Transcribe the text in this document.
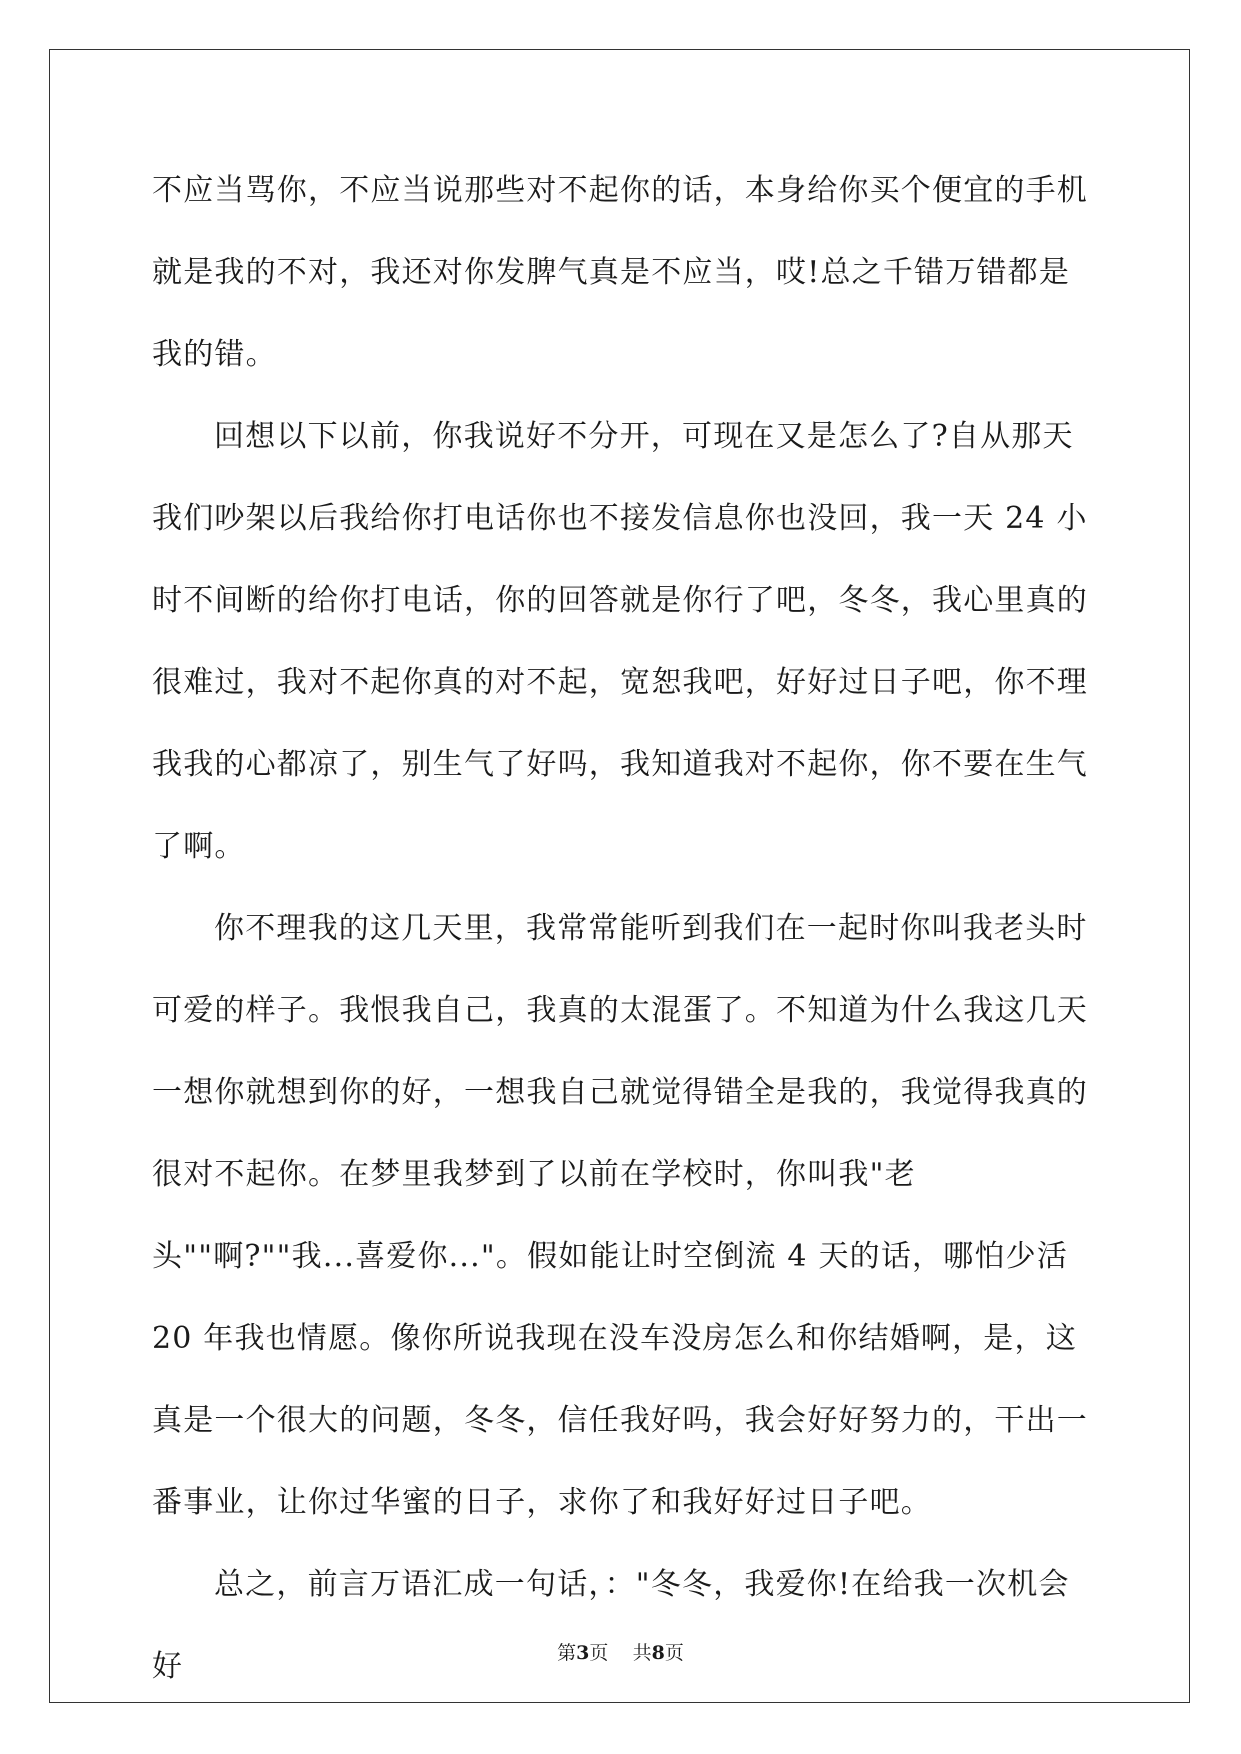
不应当骂你，不应当说那些对不起你的话，本身给你买个便宜的手机就是我的不对，我还对你发脾气真是不应当，哎!总之千错万错都是我的错。

回想以下以前，你我说好不分开，可现在又是怎么了?自从那天我们吵架以后我给你打电话你也不接发信息你也没回，我一天 24 小时不间断的给你打电话，你的回答就是你行了吧，冬冬，我心里真的很难过，我对不起你真的对不起，宽恕我吧，好好过日子吧，你不理我我的心都凉了，别生气了好吗，我知道我对不起你，你不要在生气了啊。

你不理我的这几天里，我常常能听到我们在一起时你叫我老头时可爱的样子。我恨我自己，我真的太混蛋了。不知道为什么我这几天一想你就想到你的好，一想我自己就觉得错全是我的，我觉得我真的很对不起你。在梦里我梦到了以前在学校时，你叫我"老头""啊?""我...喜爱你..."。假如能让时空倒流 4 天的话，哪怕少活 20 年我也情愿。像你所说我现在没车没房怎么和你结婚啊，是，这真是一个很大的问题，冬冬，信任我好吗，我会好好努力的，干出一番事业，让你过华蜜的日子，求你了和我好好过日子吧。

总之，前言万语汇成一句话，："冬冬，我爱你!在给我一次机会好	第3页 共8页
